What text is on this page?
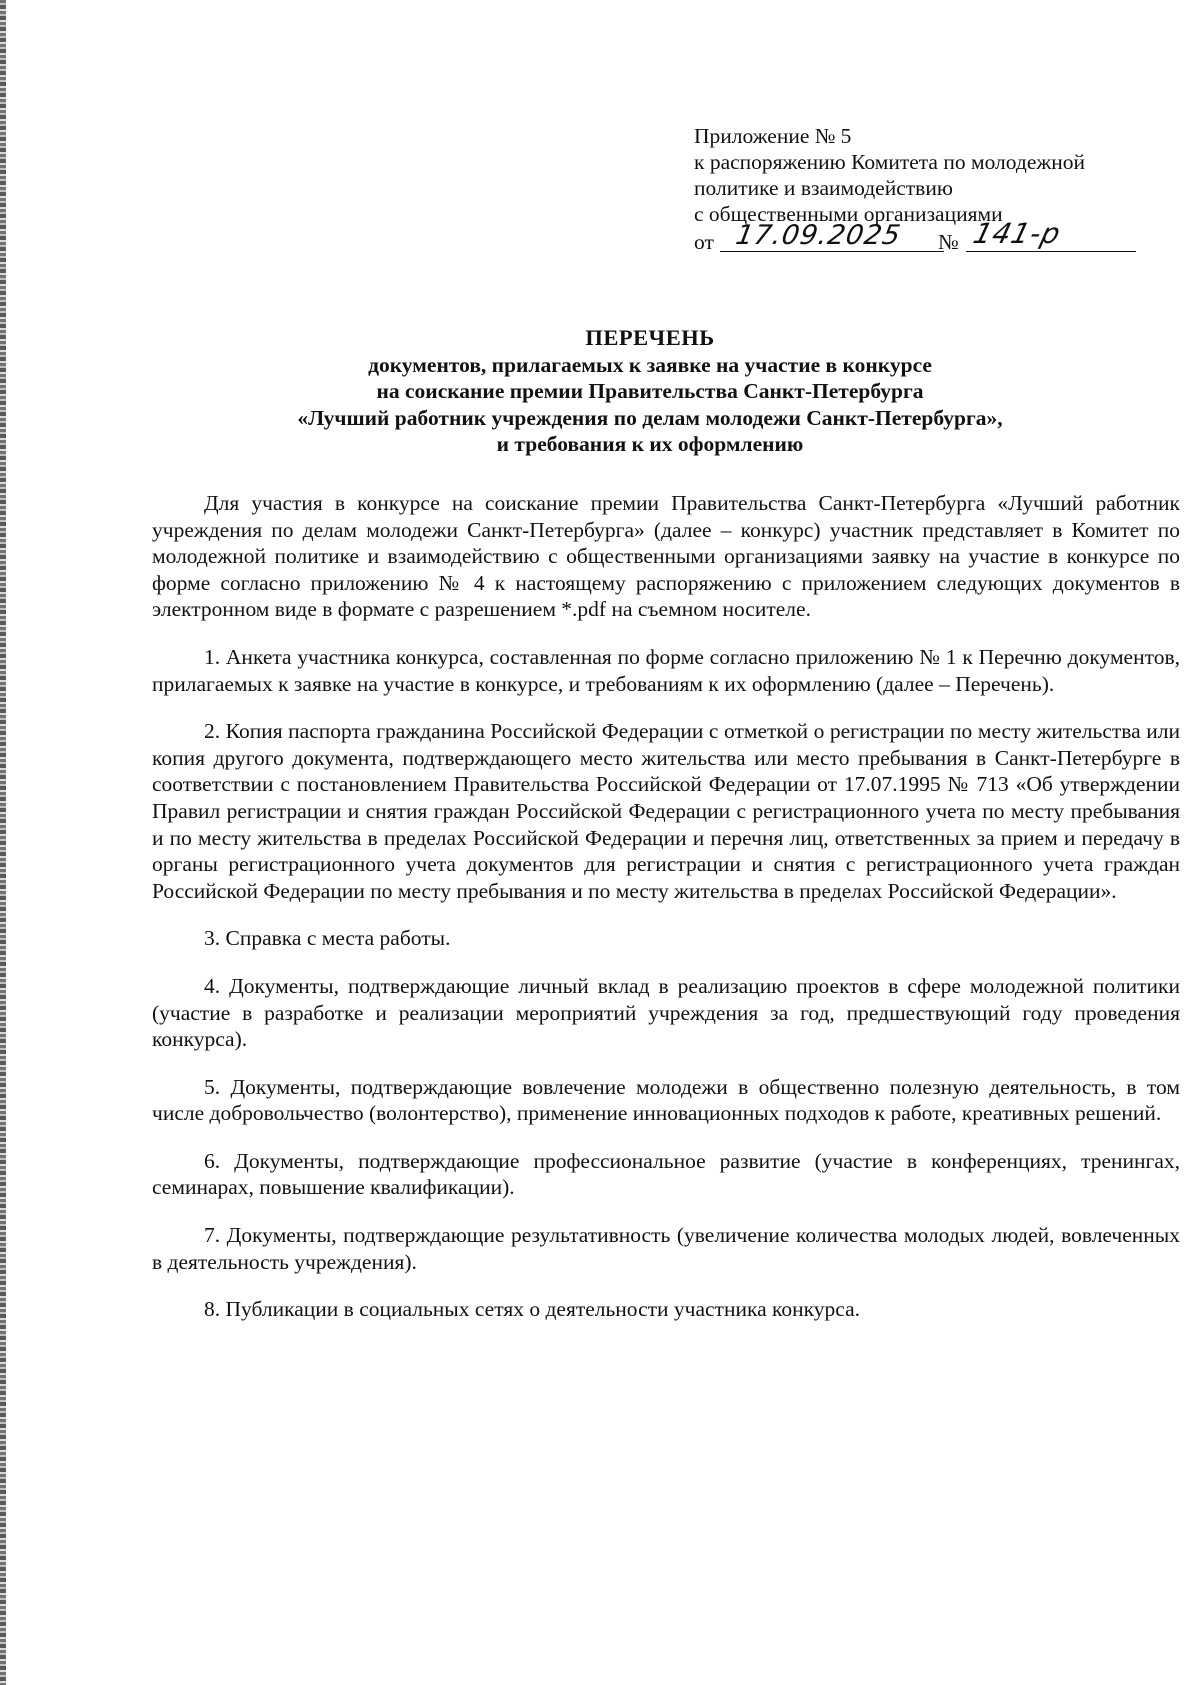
Приложение № 5
к распоряжению Комитета по молодежной
политике и взаимодействию
с общественными организациями
от 17.09.2025 № 141-р
ПЕРЕЧЕНЬ
документов, прилагаемых к заявке на участие в конкурсе
на соискание премии Правительства Санкт-Петербурга
«Лучший работник учреждения по делам молодежи Санкт-Петербурга»,
и требования к их оформлению

Для участия в конкурсе на соискание премии Правительства Санкт-Петербурга «Лучший работник учреждения по делам молодежи Санкт-Петербурга» (далее – конкурс) участник представляет в Комитет по молодежной политике и взаимодействию с общественными организациями заявку на участие в конкурсе по форме согласно приложению № 4 к настоящему распоряжению с приложением следующих документов в электронном виде в формате с разрешением *.pdf на съемном носителе.

1. Анкета участника конкурса, составленная по форме согласно приложению № 1 к Перечню документов, прилагаемых к заявке на участие в конкурсе, и требованиям к их оформлению (далее – Перечень).

2. Копия паспорта гражданина Российской Федерации с отметкой о регистрации по месту жительства или копия другого документа, подтверждающего место жительства или место пребывания в Санкт-Петербурге в соответствии с постановлением Правительства Российской Федерации от 17.07.1995 № 713 «Об утверждении Правил регистрации и снятия граждан Российской Федерации с регистрационного учета по месту пребывания и по месту жительства в пределах Российской Федерации и перечня лиц, ответственных за прием и передачу в органы регистрационного учета документов для регистрации и снятия с регистрационного учета граждан Российской Федерации по месту пребывания и по месту жительства в пределах Российской Федерации».

3. Справка с места работы.

4. Документы, подтверждающие личный вклад в реализацию проектов в сфере молодежной политики (участие в разработке и реализации мероприятий учреждения за год, предшествующий году проведения конкурса).

5. Документы, подтверждающие вовлечение молодежи в общественно полезную деятельность, в том числе добровольчество (волонтерство), применение инновационных подходов к работе, креативных решений.

6. Документы, подтверждающие профессиональное развитие (участие в конференциях, тренингах, семинарах, повышение квалификации).

7. Документы, подтверждающие результативность (увеличение количества молодых людей, вовлеченных в деятельность учреждения).

8. Публикации в социальных сетях о деятельности участника конкурса.
